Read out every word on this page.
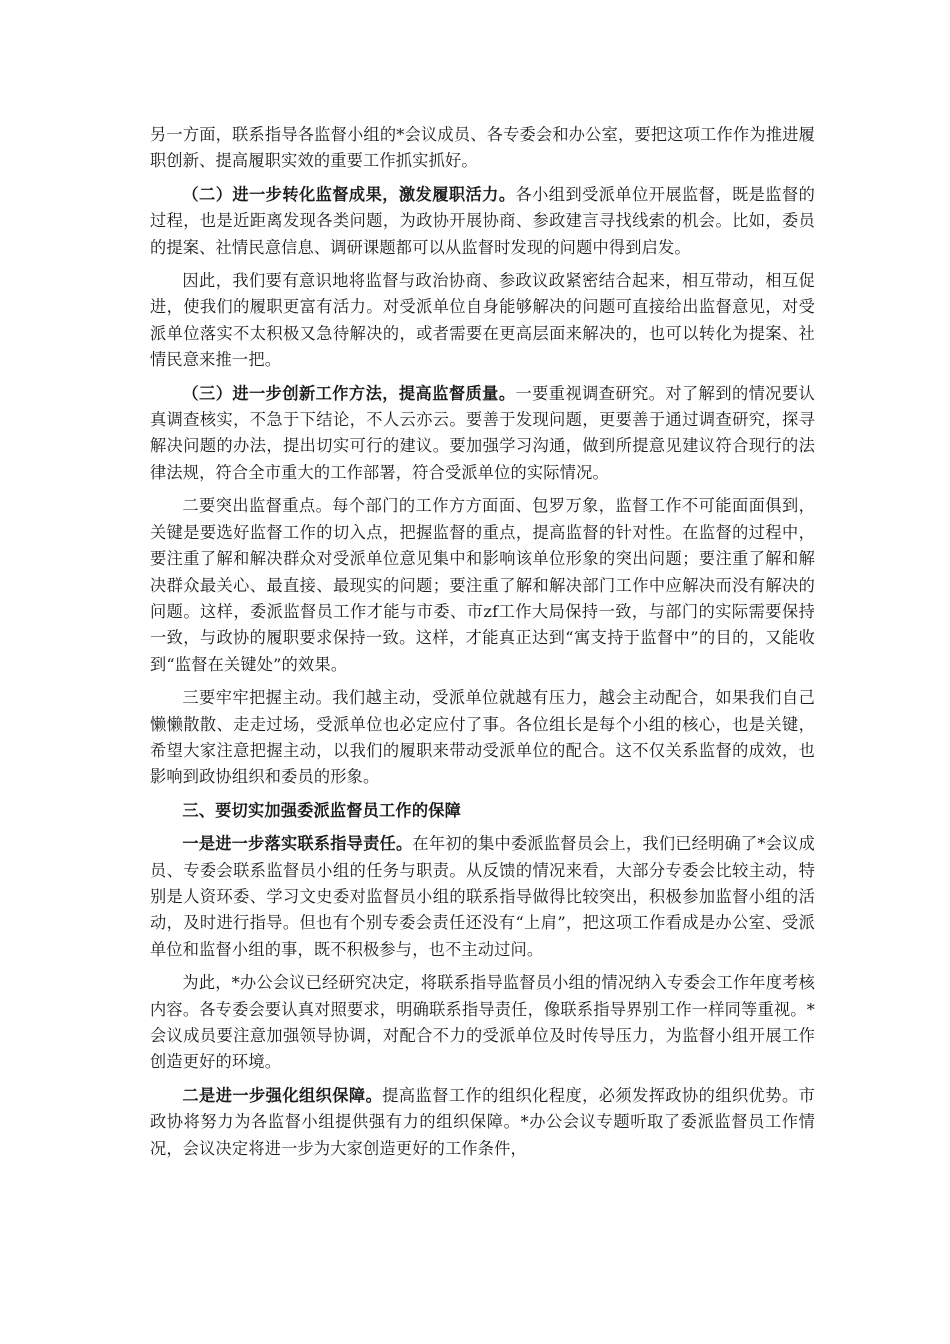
另一方面，联系指导各监督小组的*会议成员、各专委会和办公室，要把这项工作作为推进履职创新、提高履职实效的重要工作抓实抓好。

（二）进一步转化监督成果，激发履职活力。各小组到受派单位开展监督，既是监督的过程，也是近距离发现各类问题，为政协开展协商、参政建言寻找线索的机会。比如，委员的提案、社情民意信息、调研课题都可以从监督时发现的问题中得到启发。

因此，我们要有意识地将监督与政治协商、参政议政紧密结合起来，相互带动，相互促进，使我们的履职更富有活力。对受派单位自身能够解决的问题可直接给出监督意见，对受派单位落实不太积极又急待解决的，或者需要在更高层面来解决的，也可以转化为提案、社情民意来推一把。

（三）进一步创新工作方法，提高监督质量。一要重视调查研究。对了解到的情况要认真调查核实，不急于下结论，不人云亦云。要善于发现问题，更要善于通过调查研究，探寻解决问题的办法，提出切实可行的建议。要加强学习沟通，做到所提意见建议符合现行的法律法规，符合全市重大的工作部署，符合受派单位的实际情况。

二要突出监督重点。每个部门的工作方方面面、包罗万象，监督工作不可能面面俱到，关键是要选好监督工作的切入点，把握监督的重点，提高监督的针对性。在监督的过程中，要注重了解和解决群众对受派单位意见集中和影响该单位形象的突出问题；要注重了解和解决群众最关心、最直接、最现实的问题；要注重了解和解决部门工作中应解决而没有解决的问题。这样，委派监督员工作才能与市委、市zf工作大局保持一致，与部门的实际需要保持一致，与政协的履职要求保持一致。这样，才能真正达到“寓支持于监督中”的目的，又能收到“监督在关键处”的效果。

三要牢牢把握主动。我们越主动，受派单位就越有压力，越会主动配合，如果我们自己懒懒散散、走走过场，受派单位也必定应付了事。各位组长是每个小组的核心，也是关键，希望大家注意把握主动，以我们的履职来带动受派单位的配合。这不仅关系监督的成效，也影响到政协组织和委员的形象。

三、要切实加强委派监督员工作的保障

一是进一步落实联系指导责任。在年初的集中委派监督员会上，我们已经明确了*会议成员、专委会联系监督员小组的任务与职责。从反馈的情况来看，大部分专委会比较主动，特别是人资环委、学习文史委对监督员小组的联系指导做得比较突出，积极参加监督小组的活动，及时进行指导。但也有个别专委会责任还没有“上肩”，把这项工作看成是办公室、受派单位和监督小组的事，既不积极参与，也不主动过问。

为此，*办公会议已经研究决定，将联系指导监督员小组的情况纳入专委会工作年度考核内容。各专委会要认真对照要求，明确联系指导责任，像联系指导界别工作一样同等重视。*会议成员要注意加强领导协调，对配合不力的受派单位及时传导压力，为监督小组开展工作创造更好的环境。

二是进一步强化组织保障。提高监督工作的组织化程度，必须发挥政协的组织优势。市政协将努力为各监督小组提供强有力的组织保障。*办公会议专题听取了委派监督员工作情况，会议决定将进一步为大家创造更好的工作条件，
